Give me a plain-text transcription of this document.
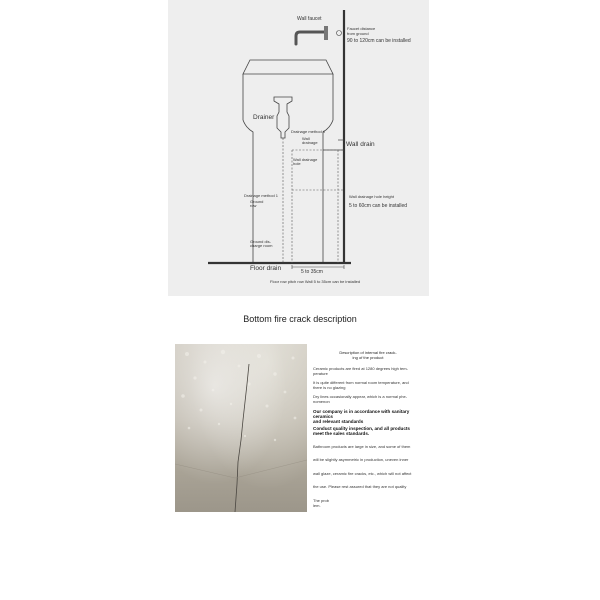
Wall faucet
Faucet distance
from ground
90 to 120cm can be installed
Drainer
Drainage method #
Wall
drainage	Wall drain
Wall drainage
hole
Wall drainage hole height
5 to 60cm can be installed
Drainage method 1
Ground
row
Ground dis-
charge room
Floor drain	5 to 35cm
Floor row pitch row Wall 5 to 35cm can be installed
Bottom fire crack description
Description of internal fire crack-
ing of the product
Ceramic products are fired at 1280 degrees high tem-
perature
It is quite different from normal room temperature, and
there is no glazing
Dry lines occasionally appear, which is a normal phe-
nomenon
Our company is in accordance with sanitary ceramics
and relevant standards
Conduct quality inspection, and all products
meet the sales standards.
Bathroom products are large in size, and some of them
will be slightly asymmetric in production, uneven inner
wall glaze, ceramic fire cracks, etc., which will not affect
the use. Please rest assured that they are not quality
The prob
lem.
